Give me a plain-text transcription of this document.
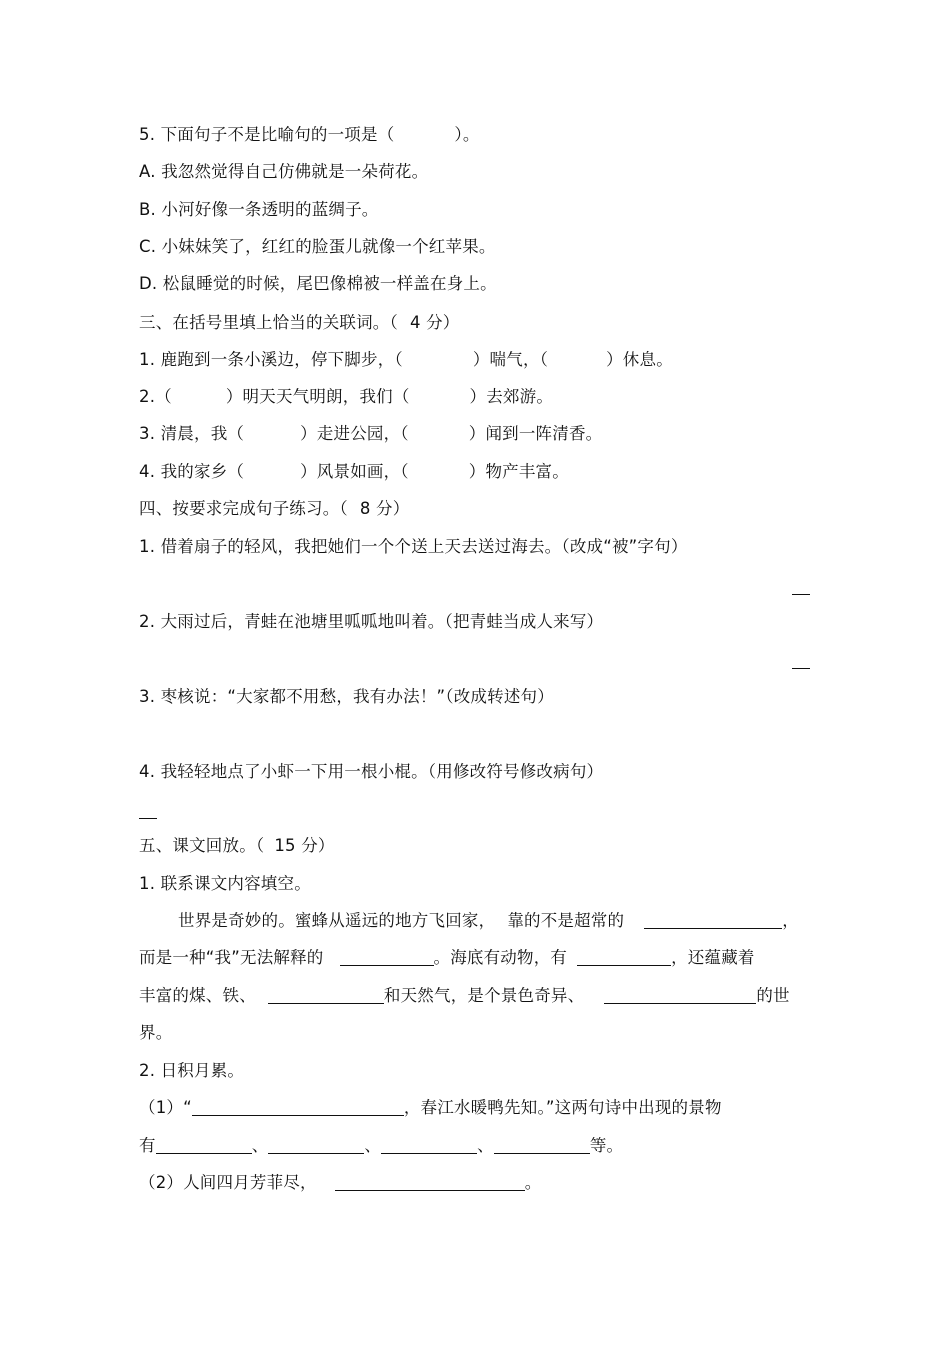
5. 下面句子不是比喻句的一项是（	）。
A. 我忽然觉得自己仿佛就是一朵荷花。
B. 小河好像一条透明的蓝绸子。
C. 小妹妹笑了，红红的脸蛋儿就像一个红苹果。
D. 松鼠睡觉的时候，尾巴像棉被一样盖在身上。
三、在括号里填上恰当的关联词。（ 4 分）
1. 鹿跑到一条小溪边，停下脚步，（	）喘气，（	）休息。
2.（	）明天天气明朗，我们（	）去郊游。
3. 清晨，我（	）走进公园，（	）闻到一阵清香。
4. 我的家乡（	）风景如画，（	）物产丰富。
四、按要求完成句子练习。（ 8 分）
1. 借着扇子的轻风，我把她们一个个送上天去送过海去。（改成“被”字句）
2. 大雨过后，青蛙在池塘里呱呱地叫着。（把青蛙当成人来写）
3. 枣核说：“大家都不用愁，我有办法！”（改成转述句）
4. 我轻轻地点了小虾一下用一根小棍。（用修改符号修改病句）
五、课文回放。（ 15 分）
1. 联系课文内容填空。
世界是奇妙的。蜜蜂从遥远的地方飞回家， 靠的不是超常的	，
而是一种“我”无法解释的	。海底有动物，有	，还蕴藏着
丰富的煤、铁、	和天然气，是个景色奇异、	的世
界。
2. 日积月累。
（1）“	，春江水暖鸭先知。”这两句诗中出现的景物
有	、	、	、	等。
（2）人间四月芳菲尽，	。
